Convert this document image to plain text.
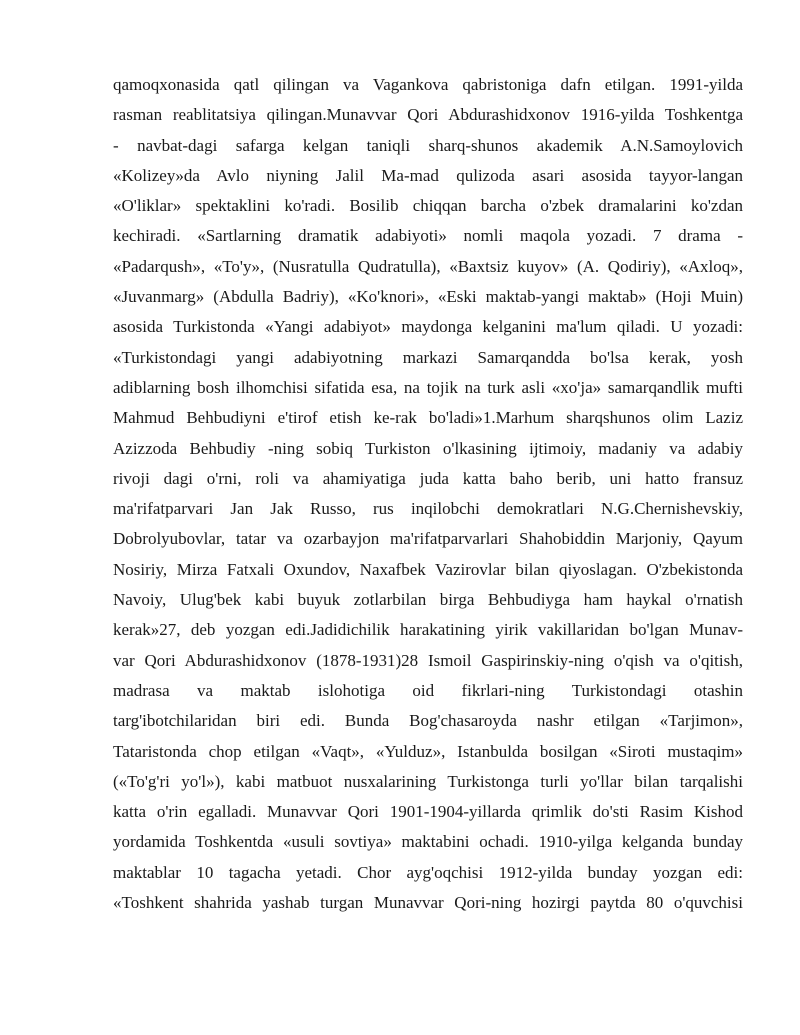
qamoqxonasida qatl qilingan va Vagankova qabristoniga dafn etilgan. 1991-yilda
rasman reablitatsiya qilingan.Munavvar Qori Abdurashidxonov 1916-yilda Toshkentga
- navbat-dagi safarga kelgan taniqli sharq-shunos akademik A.N.Samoylovich
«Kolizey»da Avlo niyning Jalil Ma-mad qulizoda asari asosida tayyor-langan
«O'liklar» spektaklini ko'radi. Bosilib chiqqan barcha o'zbek dramalarini ko'zdan
kechiradi. «Sartlarning dramatik adabiyoti» nomli maqola yozadi. 7 drama -
«Padarqush», «To'y», (Nusratulla Qudratulla), «Baxtsiz kuyov» (A. Qodiriy), «Axloq»,
«Juvanmarg» (Abdulla Badriy), «Ko'knori», «Eski maktab-yangi maktab» (Hoji Muin)
asosida Turkistonda «Yangi adabiyot» maydonga kelganini ma'lum qiladi. U yozadi:
«Turkistondagi yangi adabiyotning markazi Samarqandda bo'lsa kerak, yosh
adiblarning bosh ilhomchisi sifatida esa, na tojik na turk asli «xo'ja» samarqandlik mufti
Mahmud Behbudiyni e'tirof etish ke-rak bo'ladi»1.Marhum sharqshunos olim Laziz
Azizzoda Behbudiy -ning sobiq Turkiston o'lkasining ijtimoiy, madaniy va adabiy
rivoji dagi o'rni, roli va ahamiyatiga juda katta baho berib, uni hatto fransuz
ma'rifatparvari Jan Jak Russo, rus inqilobchi demokratlari N.G.Chernishevskiy,
Dobrolyubovlar, tatar va ozarbayjon ma'rifatparvarlari Shahobiddin Marjoniy, Qayum
Nosiriy, Mirza Fatxali Oxundov, Naxafbek Vazirovlar bilan qiyoslagan. O'zbekistonda
Navoiy, Ulug'bek kabi buyuk zotlarbilan birga Behbudiyga ham haykal o'rnatish
kerak»27, deb yozgan edi.Jadidichilik harakatining yirik vakillaridan bo'lgan Munav-
var Qori Abdurashidxonov (1878-1931)28 Ismoil Gaspirinskiy-ning o'qish va o'qitish,
madrasa va maktab islohotiga oid fikrlari-ning Turkistondagi otashin
targ'ibotchilaridan biri edi. Bunda Bog'chasaroyda nashr etilgan «Tarjimon»,
Tataristonda chop etilgan «Vaqt», «Yulduz», Istanbulda bosilgan «Siroti mustaqim»
(«To'g'ri yo'l»), kabi matbuot nusxalarining Turkistonga turli yo'llar bilan tarqalishi
katta o'rin egalladi. Munavvar Qori 1901-1904-yillarda qrimlik do'sti Rasim Kishod
yordamida Toshkentda «usuli sovtiya» maktabini ochadi. 1910-yilga kelganda bunday
maktablar 10 tagacha yetadi. Chor ayg'oqchisi 1912-yilda bunday yozgan edi:
«Toshkent shahrida yashab turgan Munavvar Qori-ning hozirgi paytda 80 o'quvchisi
